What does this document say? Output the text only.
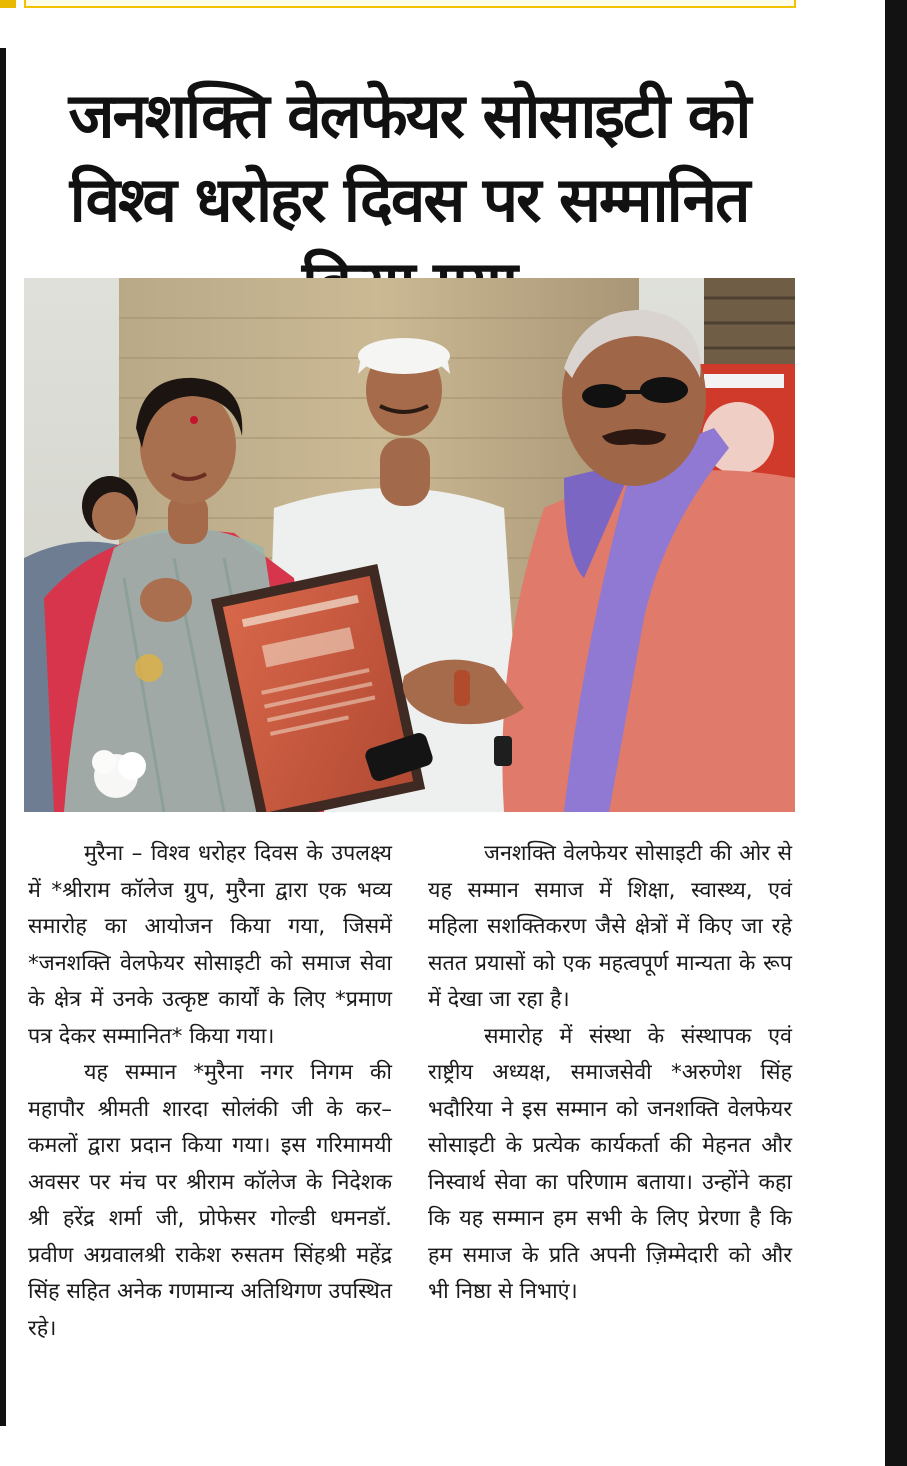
जनशक्ति वेलफेयर सोसाइटी को विश्व धरोहर दिवस पर सम्मानित

मुरैना – विश्व धरोहर दिवस के उपलक्ष्य में *श्रीराम कॉलेज ग्रुप, मुरैना द्वारा एक भव्य समारोह का आयोजन किया गया, जिसमें *जनशक्ति वेलफेयर सोसाइटी को समाज सेवा के क्षेत्र में उनके उत्कृष्ट कार्यों के लिए *प्रमाण पत्र देकर सम्मानित* किया गया।

यह सम्मान *मुरैना नगर निगम की महापौर श्रीमती शारदा सोलंकी जी के कर–कमलों द्वारा प्रदान किया गया। इस गरिमामयी अवसर पर मंच पर श्रीराम कॉलेज के निदेशक श्री हरेंद्र शर्मा जी, प्रोफेसर गोल्डी धमनडॉ. प्रवीण अग्रवालश्री राकेश रुसतम सिंहश्री महेंद्र सिंह सहित अनेक गणमान्य अतिथिगण उपस्थित रहे।

जनशक्ति वेलफेयर सोसाइटी की ओर से यह सम्मान समाज में शिक्षा, स्वास्थ्य, एवं महिला सशक्तिकरण जैसे क्षेत्रों में किए जा रहे सतत प्रयासों को एक महत्वपूर्ण मान्यता के रूप में देखा जा रहा है।

समारोह में संस्था के संस्थापक एवं राष्ट्रीय अध्यक्ष, समाजसेवी *अरुणेश सिंह भदौरिया ने इस सम्मान को जनशक्ति वेलफेयर सोसाइटी के प्रत्येक कार्यकर्ता की मेहनत और निस्वार्थ सेवा का परिणाम बताया। उन्होंने कहा कि यह सम्मान हम सभी के लिए प्रेरणा है कि हम समाज के प्रति अपनी ज़िम्मेदारी को और भी निष्ठा से निभाएं।
